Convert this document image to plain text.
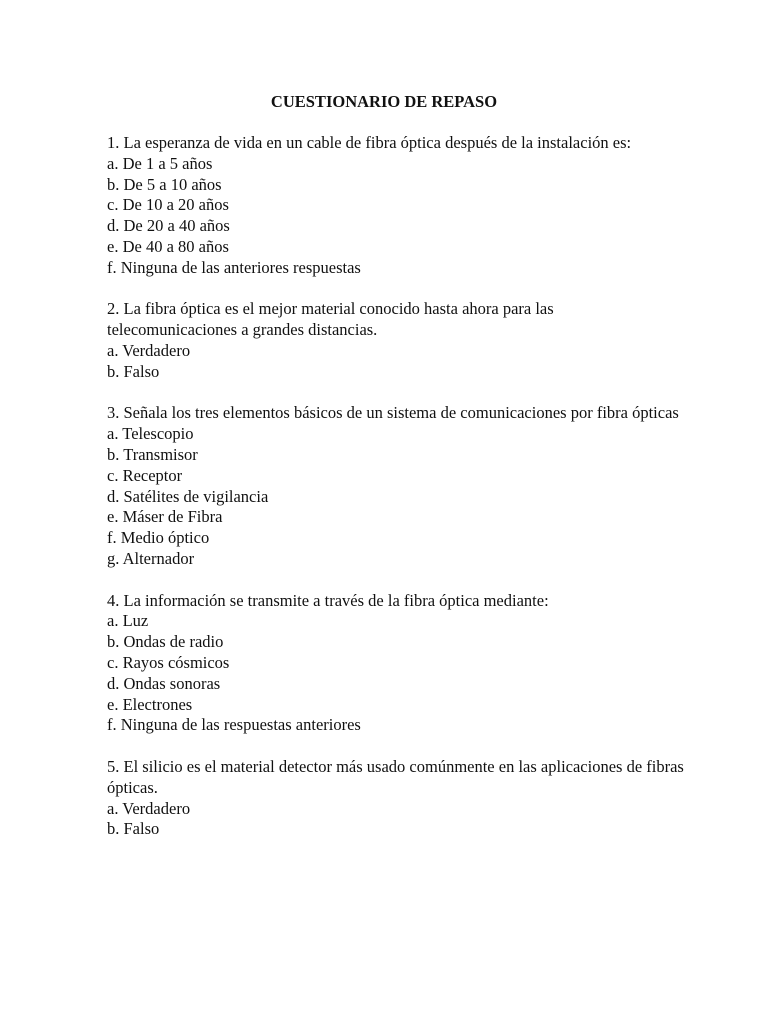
CUESTIONARIO DE REPASO

1. La esperanza de vida en un cable de fibra óptica después de la instalación es:

a. De 1 a 5 años
b. De 5 a 10 años
c. De 10 a 20 años
d. De 20 a 40 años
e. De 40 a 80 años
f. Ninguna de las anteriores respuestas

2. La fibra óptica es el mejor material conocido hasta ahora para las telecomunicaciones a grandes distancias.

a. Verdadero
b. Falso

3. Señala los tres elementos básicos de un sistema de comunicaciones por fibra ópticas

a. Telescopio
b. Transmisor
c. Receptor
d. Satélites de vigilancia
e. Máser de Fibra
f. Medio óptico
g. Alternador

4. La información se transmite a través de la fibra óptica mediante:

a. Luz
b. Ondas de radio
c. Rayos cósmicos
d. Ondas sonoras
e. Electrones
f. Ninguna de las respuestas anteriores

5. El silicio es el material detector más usado comúnmente en las aplicaciones de fibras ópticas.

a. Verdadero
b. Falso
